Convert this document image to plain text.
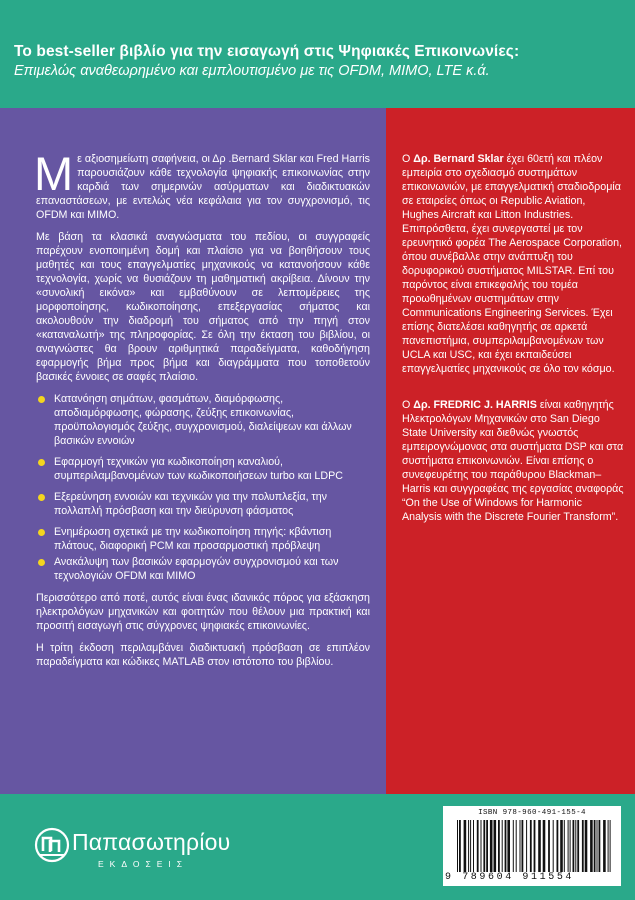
Το best-seller βιβλίο για την εισαγωγή στις Ψηφιακές Επικοινωνίες:
Επιμελώς αναθεωρημένο και εμπλουτισμένο με τις OFDM, MIMO, LTE κ.ά.

Με αξιοσημείωτη σαφήνεια, οι Δρ .Bernard Sklar και Fred Harris παρουσιάζουν κάθε τεχνολογία ψηφιακής επικοινωνίας στην καρδιά των σημερινών ασύρματων και διαδικτυακών επαναστάσεων, με εντελώς νέα κεφάλαια για τον συγχρονισμό, τις OFDM και MIMO.

Με βάση τα κλασικά αναγνώσματα του πεδίου, οι συγγραφείς παρέχουν ενοποιημένη δομή και πλαίσιο για να βοηθήσουν τους μαθητές και τους επαγγελματίες μηχανικούς να κατανοήσουν κάθε τεχνολογία, χωρίς να θυσιάζουν τη μαθηματική ακρίβεια. Δίνουν την «συνολική εικόνα» και εμβαθύνουν σε λεπτομέρειες της μορφοποίησης, κωδικοποίησης, επεξεργασίας σήματος και ακολουθούν την διαδρομή του σήματος από την πηγή στον «καταναλωτή» της πληροφορίας. Σε όλη την έκταση του βιβλίου, οι αναγνώστες θα βρουν αριθμητικά παραδείγματα, καθοδήγηση εφαρμογής βήμα προς βήμα και διαγράμματα που τοποθετούν βασικές έννοιες σε σαφές πλαίσιο.

Κατανόηση σημάτων, φασμάτων, διαμόρφωσης, αποδιαμόρφωσης, φώρασης, ζεύξης επικοινωνίας, προϋπολογισμός ζεύξης, συγχρονισμού, διαλείψεων και άλλων βασικών εννοιών
Εφαρμογή τεχνικών για κωδικοποίηση καναλιού, συμπεριλαμβανομένων των κωδικοποιήσεων turbo και LDPC
Εξερεύνηση εννοιών και τεχνικών για την πολυπλεξία, την πολλαπλή πρόσβαση και την διεύρυνση φάσματος
Ενημέρωση σχετικά με την κωδικοποίηση πηγής: κβάντιση πλάτους, διαφορική PCM και προσαρμοστική πρόβλεψη
Ανακάλυψη των βασικών εφαρμογών συγχρονισμού και των τεχνολογιών OFDM και MIMO

Περισσότερο από ποτέ, αυτός είναι ένας ιδανικός πόρος για εξάσκηση ηλεκτρολόγων μηχανικών και φοιτητών που θέλουν μια πρακτική και προσιτή εισαγωγή στις σύγχρονες ψηφιακές επικοινωνίες.

Η τρίτη έκδοση περιλαμβάνει διαδικτυακή πρόσβαση σε επιπλέον παραδείγματα και κώδικες MATLAB στον ιστότοπο του βιβλίου.

Ο Δρ. Bernard Sklar έχει 60ετή και πλέον εμπειρία στο σχεδιασμό συστημάτων επικοινωνιών, με επαγγελματική σταδιοδρομία σε εταιρείες όπως οι Republic Aviation, Hughes Aircraft και Litton Industries. Επιπρόσθετα, έχει συνεργαστεί με τον ερευνητικό φορέα The Aerospace Corporation, όπου συνέβαλλε στην ανάπτυξη του δορυφορικού συστήματος MILSTAR. Επί του παρόντος είναι επικεφαλής του τομέα προωθημένων συστημάτων στην Communications Engineering Services. Έχει επίσης διατελέσει καθηγητής σε αρκετά πανεπιστήμια, συμπεριλαμβανομένων των UCLA και USC, και έχει εκπαιδεύσει επαγγελματίες μηχανικούς σε όλο τον κόσμο.

Ο Δρ. FREDRIC J. HARRIS είναι καθηγητής Ηλεκτρολόγων Μηχανικών στο San Diego State University και διεθνώς γνωστός εμπειρογνώμονας στα συστήματα DSP και στα συστήματα επικοινωνιών. Είναι επίσης ο συνεφευρέτης του παράθυρου Blackman–Harris και συγγραφέας της εργασίας αναφοράς “On the Use of Windows for Harmonic Analysis with the Discrete Fourier Transform”.

Παπασωτηρίου
ΕΚΔΟΣΕΙΣ
ISBN 978-960-491-155-4
9 789604 911554
